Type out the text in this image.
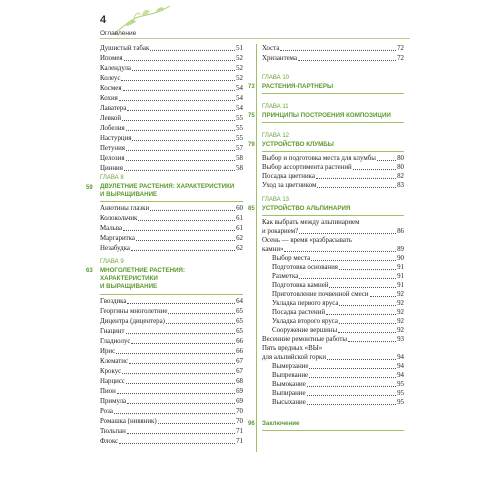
4
Оглавление
Душистый табак	51
Ипомея	52
Календула	52
Колеус	52
Космея	54
Кохия	54
Лаватера	54
Левкой	55
Лобелия	55
Настурция	55
Петуния	57
Целозия	58
Цинния	58
ГЛАВА 8
59 ДВУЛЕТНИЕ РАСТЕНИЯ: ХАРАКТЕРИСТИКИ
И ВЫРАЩИВАНИЕ
Анютины глазки	60
Колокольчик	61
Мальва	61
Маргаритка	62
Незабудка	62
ГЛАВА 9
63 МНОГОЛЕТНИЕ РАСТЕНИЯ:
ХАРАКТЕРИСТИКИ
И ВЫРАЩИВАНИЕ
Гвоздика	64
Георгины многолетние	65
Дицентра (дицентера)	65
Гиацинт	65
Гладиолус	66
Ирис	66
Клематис	67
Крокус	67
Нарцисс	68
Пион	69
Примула	69
Роза	70
Ромашка (нивяник)	70
Тюльпан	71
Флокс	71
Хоста	72
Хризантема	72
ГЛАВА 10
73 РАСТЕНИЯ-ПАРТНЕРЫ
ГЛАВА 11
75 ПРИНЦИПЫ ПОСТРОЕНИЯ КОМПОЗИЦИИ
ГЛАВА 12
79 УСТРОЙСТВО КЛУМБЫ
Выбор и подготовка места для клумбы	80
Выбор ассортимента растений	80
Посадка цветника	82
Уход за цветником	83
ГЛАВА 13
85 УСТРОЙСТВО АЛЬПИНАРИЯ
Как выбрать между альпинарием
и рокарием?	86
Осень — время «разбрасывать
камни»	89
Выбор места	90
Подготовка основания	91
Разметка	91
Подготовка камней	91
Приготовление почвенной смеси	92
Укладка первого яруса	92
Посадка растений	92
Укладка второго яруса	92
Сооружение вершины	92
Весенние ремонтные работы	93
Пять вредных «ВЫ»
для альпийской горки	94
Вымерзание	94
Выпревание	94
Вымокание	95
Выпирание	95
Высыхание	95
96 Заключение
